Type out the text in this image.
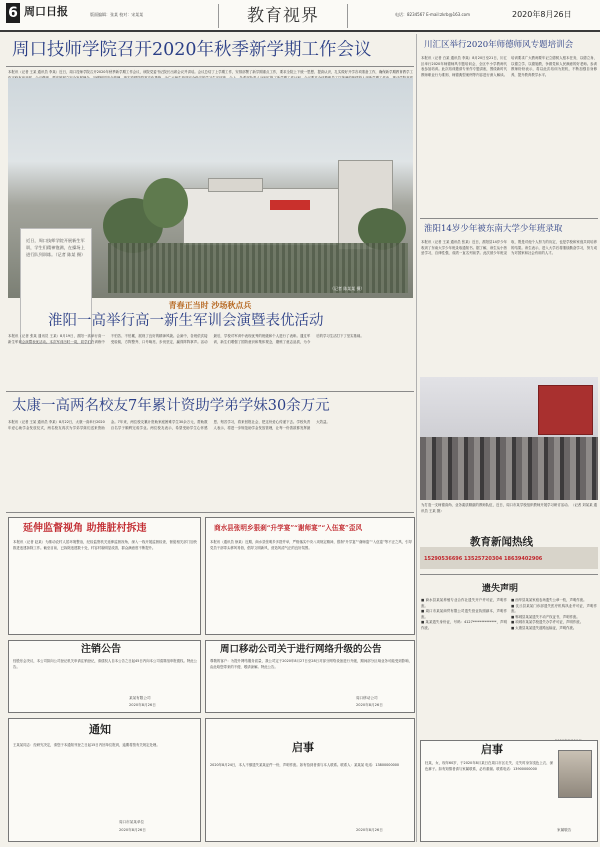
6 周口日报	版面编辑：张某 校对：宋某某	教育视界	电话：8234567 E-mail:zkrb@163.com	2020年8月26日
周口技师学院召开2020年秋季新学期工作会议
本报讯（记者 王某 通讯员 李某）近日，周口技师学院召开2020年秋季新学期工作会议，该院党委书记院长出席会议并讲话。会议总结了上学期工作，安排部署了新学期重点工作，要求全院上下统一思想、提高认识，扎实做好开学各项准备工作，确保新学期教育教学工
近日，周口技师学院开展新生军训，学生们精神饱满，在操场上进行队列训练。（记者 陈某 摄）
（记者 陈某某 摄）
青春正当时 沙场秋点兵
淮阳一高举行高一新生军训会演暨表优活动
本报讯（记者 张某 通讯员 王某）8月19日，淮阳一高举行高一新生军训会演暨表优活动。本次军训历时一周，同学们在训练中不怕苦、不怕累，展现了良好的精神风貌。会演中，各班依次接受检阅，方阵整齐、口号响亮、步伐坚定，赢得阵阵掌声。活动最后，学校对军训中表现优秀的班级和个人进行了表彰。通过军训，新生们增强了国防意识和集体观念，磨炼了意志品质，为今后的学习生活打下了坚实基础。
太康一高两名校友7年累计资助学弟学妹30余万元
本报讯（记者 王某 通讯员 李某）8月22日，太康一高举行2020年爱心助学金发放仪式，两名校友再次为学弟学妹们送来资助金。7年来，两位校友累计资助家庭困难学生30余万元，帮助数百名学子顺利完成学业。两位校友表示，希望受助学生心怀感恩、刻苦学习，将来回报社会，把这份爱心传递下去。学校负责人表示，将进一步规范助学金发放管理，让每一份善款都发挥最大效益。
延伸监督视角 助推脏村拆违
本报讯（记者 赵某）为推动农村人居环境整治，纪检监察机关延伸监督视角，深入一线开展监督检查，督促相关部门加快推进违建拆除工作。截至目前，已拆除违建数十处，村容村貌明显改善，群众满意度不断提升。
商水县张明乡狠刹“升学宴”“谢师宴”“入伍宴”歪风
本报讯（通讯员 徐某）近期，商水县张明乡多措并举，严格落实中央八项规定精神，狠刹“升学宴”“谢师宴”“入伍宴”等不正之风，引导党员干部带头移风易俗，倡导文明新风，营造风清气正的良好氛围。
注销公告
经股东会决议，本公司拟向公司登记机关申请注销登记，请债权人自本公告之日起45日内向本公司清算组申报债权。特此公告。
某某有限公司
2020年8月26日
周口移动公司关于进行网络升级的公告
尊敬的客户：为提升网络服务质量，我公司定于2020年8月27日至28日对部分网络设备进行升级，期间部分区域业务可能受到影响，由此给您带来的不便，敬请谅解。特此公告。
周口移动公司
2020年8月26日
通知
王某某同志：经研究决定，请您于本通知刊登之日起15日内回单位报到，逾期将按有关规定处理。
周口市某某单位
2020年8月26日
启事
2020年8月24日，本人不慎遗失某某证件一份，声明作废。如有拾到者请与本人联系。联系人：某某某 电话：13800000000
2020年8月26日
川汇区举行2020年师德师风专题培训会
本报讯（记者 白某 通讯员 李某）8月20日至21日，川汇区举行2020年师德师风专题培训会，全区中小学教师代表参加培训。此次培训邀请专家作专题讲座，围绕新时代教师职业行为准则、师德典型案例等内容进行深入解读。培训要求广大教师要牢记立德树人根本任务，以德立身、以德立学、以德施教，争做党和人民满意的好老师。参训教师纷纷表示，将以此次培训为契机，不断加强自身修养，提升教育教学水平。
淮阳14岁少年被东南大学少年班录取
本报讯（记者 王某 通讯员 张某）近日，淮阳县14岁少年收到了东南大学少年班录取通知书。据了解，该生从小热爱学习，自律性强，成绩一直名列前茅。此次被少年班录取，既是对他个人努力的肯定，也是学校和家庭共同培养的结果。该生表示，进入大学后将继续勤奋学习，努力成为对国家和社会有用的人才。
为打造一支师德高尚、业务素质精湛的教师队伍，近日，周口市某学校组织教师开展学习研讨活动。（记者 刘某某 通讯员 王某 摄）
教育新闻热线
15290536696 13525720304 18639402906
遗失声明
■ 商水县某某养殖专业合作社遗失开户许可证，声明作废。
■ 周口市某某商贸有限公司遗失营业执照副本，声明作废。
■ 某某遗失身份证，号码：4127**************，声明作废。
■ 西华县某某家庭农场遗失公章一枚，声明作废。
■ 沈丘县某某门诊部遗失医疗机构执业许可证，声明作废。
■ 郸城县某某遗失不动产权证书，声明作废。
■ 项城市某某学校遗失办学许可证，声明作废。
■ 太康县某某遗失道路运输证，声明作废。
启事
杜某，女，现年60岁，于2020年8月某日在周口市区走失，走失时身穿浅色上衣、深色裤子。如有知情者请与家属联系，必有重谢。联系电话：13900000000
家属敬告
